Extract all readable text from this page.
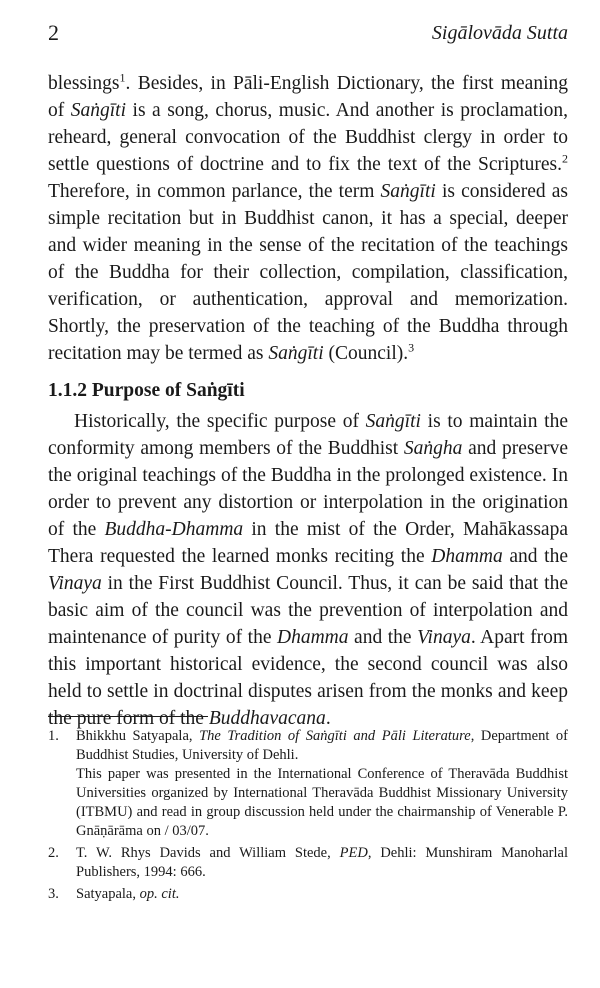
2	Sigālovāda Sutta

blessings$^1$. Besides, in Pāli-English Dictionary, the first meaning of Saṅgīti is a song, chorus, music. And another is proclamation, reheard, general convocation of the Buddhist clergy in order to settle questions of doctrine and to fix the text of the Scriptures.$^2$ Therefore, in common parlance, the term Saṅgīti is considered as simple recitation but in Buddhist canon, it has a special, deeper and wider meaning in the sense of the recitation of the teachings of the Buddha for their collection, compilation, classification, verification, or authentication, approval and memorization. Shortly, the preservation of the teaching of the Buddha through recitation may be termed as Saṅgīti (Council).$^3$

1.1.2 Purpose of Saṅgīti

Historically, the specific purpose of Saṅgīti is to maintain the conformity among members of the Buddhist Saṅgha and preserve the original teachings of the Buddha in the prolonged existence. In order to prevent any distortion or interpolation in the origination of the Buddha-Dhamma in the mist of the Order, Mahākassapa Thera requested the learned monks reciting the Dhamma and the Vinaya in the First Buddhist Council. Thus, it can be said that the basic aim of the council was the prevention of interpolation and maintenance of purity of the Dhamma and the Vinaya. Apart from this important historical evidence, the second council was also held to settle in doctrinal disputes arisen from the monks and keep the pure form of the Buddhavacana.

1.	Bhikkhu Satyapala, The Tradition of Saṅgīti and Pāli Literature, Department of Buddhist Studies, University of Dehli.

This paper was presented in the International Conference of Theravāda Buddhist Universities organized by International Theravāda Buddhist Missionary University (ITBMU) and read in group discussion held under the chairmanship of Venerable P. Gnāṇārāma on / 03/07.

2.	T. W. Rhys Davids and William Stede, PED, Dehli: Munshiram Manoharlal Publishers, 1994: 666.

3.	Satyapala, op. cit.
